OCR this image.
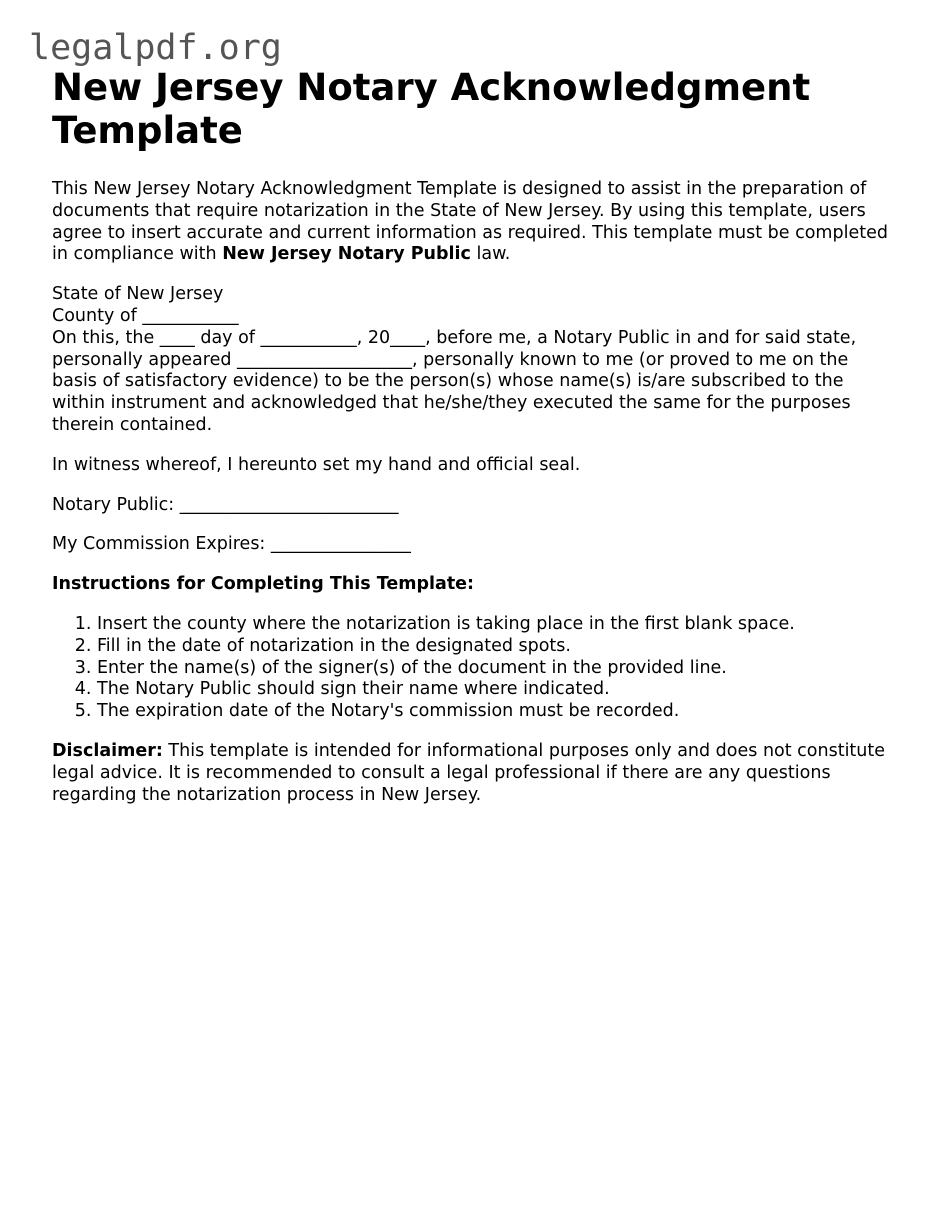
legalpdf.org
New Jersey Notary Acknowledgment Template

This New Jersey Notary Acknowledgment Template is designed to assist in the preparation of documents that require notarization in the State of New Jersey. By using this template, users agree to insert accurate and current information as required. This template must be completed in compliance with New Jersey Notary Public law.

State of New Jersey
County of ___________
On this, the ____ day of ___________, 20____, before me, a Notary Public in and for said state, personally appeared ____________________, personally known to me (or proved to me on the basis of satisfactory evidence) to be the person(s) whose name(s) is/are subscribed to the within instrument and acknowledged that he/she/they executed the same for the purposes therein contained.

In witness whereof, I hereunto set my hand and official seal.

Notary Public: _________________________

My Commission Expires: ________________

Instructions for Completing This Template:

1. Insert the county where the notarization is taking place in the first blank space.
2. Fill in the date of notarization in the designated spots.
3. Enter the name(s) of the signer(s) of the document in the provided line.
4. The Notary Public should sign their name where indicated.
5. The expiration date of the Notary's commission must be recorded.

Disclaimer: This template is intended for informational purposes only and does not constitute legal advice. It is recommended to consult a legal professional if there are any questions regarding the notarization process in New Jersey.
